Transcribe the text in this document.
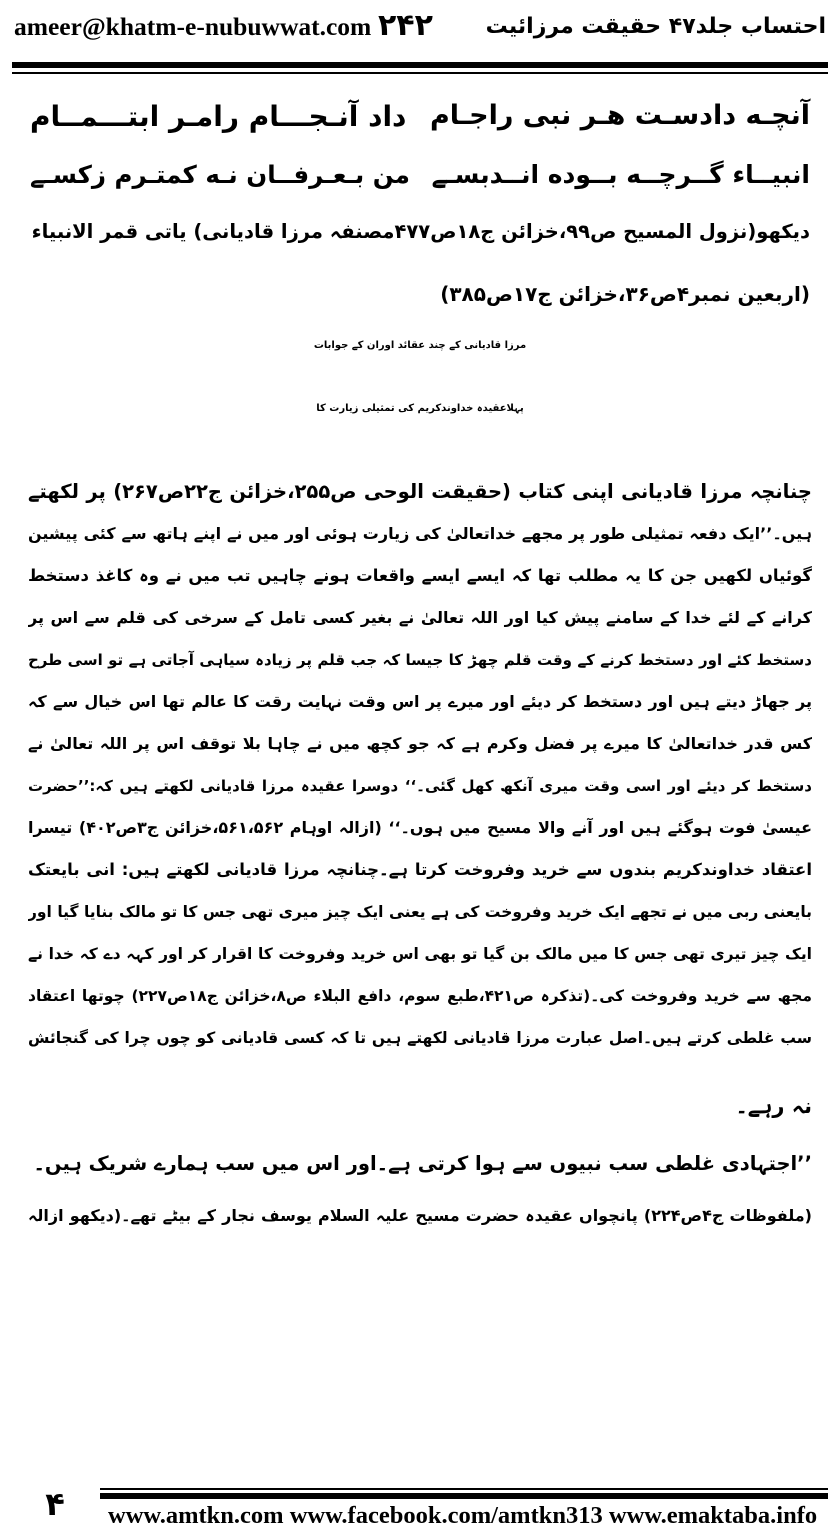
ameer@khatm-e-nubuwwat.com ۲۴۲ احتساب جلد۴۷ حقیقت مرزائیت
آنچـه دادسـت هـر نبی راجـام
داد آنـجـــام رامـر ابتـــمــام
انبیــاء گــرچــه بــوده انــدبسـے
من بـعـرفــان نـه کمتـرم زکسـے
دیکھو(نزول المسیح ص۹۹،خزائن ج۱۸ص۴۷۷مصنفہ مرزا قادیانی) یاتی قمر الانبیاء
(اربعین نمبر۴ص۳۶،خزائن ج۱۷ص۳۸۵)
مرزا قادیانی کے چند عقائد اوران کے جوابات
پہلاعقیدہ خداوندکریم کی تمثیلی زیارت کا
چنانچہ مرزا قادیانی اپنی کتاب (حقیقت الوحی ص۲۵۵،خزائن ج۲۲ص۲۶۷) پر لکھتے
ہیں۔’’ایک دفعہ تمثیلی طور پر مجھے خداتعالیٰ کی زیارت ہوئی اور میں نے اپنے ہاتھ سے کئی پیشین
گوئیاں لکھیں جن کا یہ مطلب تھا کہ ایسے ایسے واقعات ہونے چاہیں تب میں نے وہ کاغذ دستخط
کرانے کے لئے خدا کے سامنے پیش کیا اور اللہ تعالیٰ نے بغیر کسی تامل کے سرخی کی قلم سے اس پر
دستخط کئے اور دستخط کرنے کے وقت قلم چھڑ کا جیسا کہ جب قلم پر زیادہ سیاہی آجاتی ہے تو اسی طرح
پر جھاڑ دیتے ہیں اور دستخط کر دیئے اور میرے پر اس وقت نہایت رقت کا عالم تھا اس خیال سے کہ
کس قدر خداتعالیٰ کا میرے پر فضل وکرم ہے کہ جو کچھ میں نے چاہا بلا توقف اس پر اللہ تعالیٰ نے
دستخط کر دیئے اور اسی وقت میری آنکھ کھل گئی۔‘‘ دوسرا عقیدہ مرزا قادیانی لکھتے ہیں کہ:’’حضرت
عیسیٰ فوت ہوگئے ہیں اور آنے والا مسیح میں ہوں۔‘‘ (ازالہ اوہام ۵۶۱،۵۶۲،خزائن ج۳ص۴۰۲) تیسرا
اعتقاد خداوندکریم بندوں سے خرید وفروخت کرتا ہے۔چنانچہ مرزا قادیانی لکھتے ہیں: انی بایعتک
بایعنی ربی میں نے تجھے ایک خرید وفروخت کی ہے یعنی ایک چیز میری تھی جس کا تو مالک بنایا گیا اور
ایک چیز تیری تھی جس کا میں مالک بن گیا تو بھی اس خرید وفروخت کا اقرار کر اور کہہ دے کہ خدا نے
مجھ سے خرید وفروخت کی۔(تذکرہ ص۴۲۱،طبع سوم، دافع البلاء ص۸،خزائن ج۱۸ص۲۲۷) چوتھا اعتقاد
سب غلطی کرتے ہیں۔اصل عبارت مرزا قادیانی لکھتے ہیں تا کہ کسی قادیانی کو چوں چرا کی گنجائش
نہ رہے۔
’’اجتہادی غلطی سب نبیوں سے ہوا کرتی ہے۔اور اس میں سب ہمارے شریک ہیں۔
(ملفوظات ج۴ص۲۲۴) پانچواں عقیدہ حضرت مسیح علیہ السلام یوسف نجار کے بیٹے تھے۔(دیکھو ازالہ
۴	www.amtkn.com www.facebook.com/amtkn313 www.emaktaba.info
